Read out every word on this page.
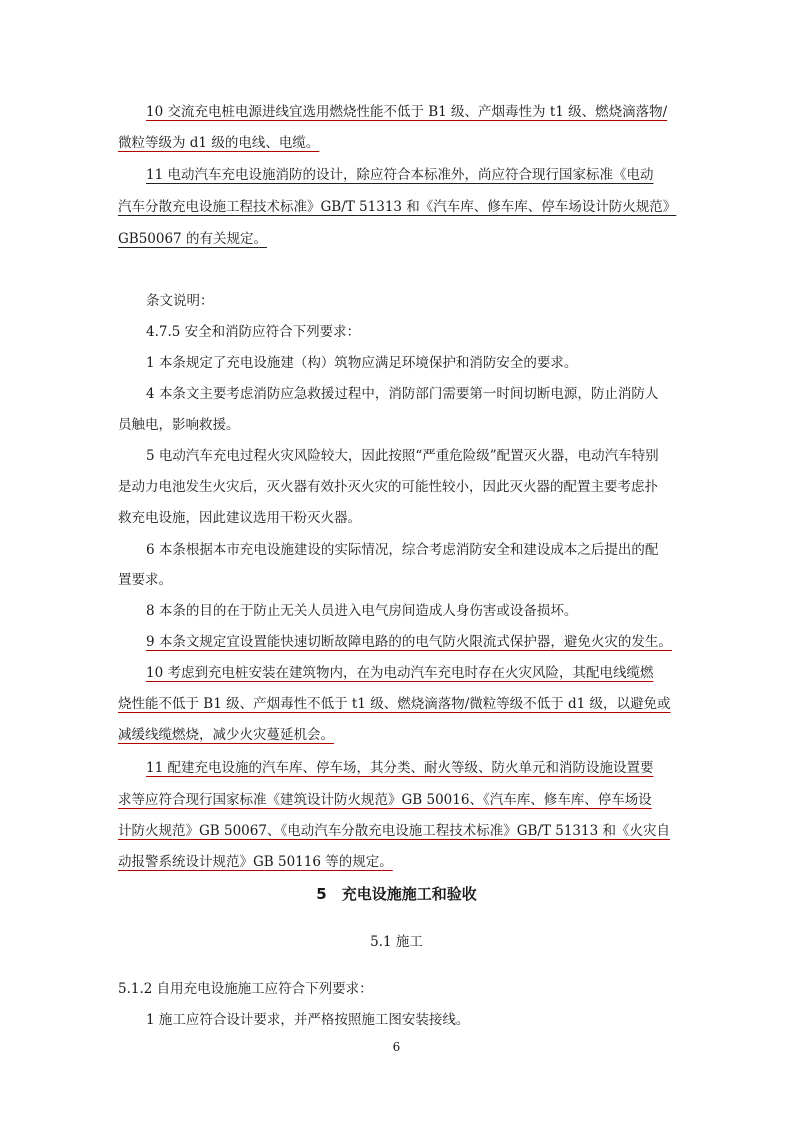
10 交流充电桩电源进线宜选用燃烧性能不低于 B1 级、产烟毒性为 t1 级、燃烧滴落物/
微粒等级为 d1 级的电线、电缆。
11 电动汽车充电设施消防的设计，除应符合本标准外，尚应符合现行国家标准《电动
汽车分散充电设施工程技术标准》GB/T 51313 和《汽车库、修车库、停车场设计防火规范》
GB50067 的有关规定。
条文说明：
4.7.5 安全和消防应符合下列要求：
1 本条规定了充电设施建（构）筑物应满足环境保护和消防安全的要求。
4 本条文主要考虑消防应急救援过程中，消防部门需要第一时间切断电源，防止消防人
员触电，影响救援。
5 电动汽车充电过程火灾风险较大，因此按照“严重危险级”配置灭火器，电动汽车特别
是动力电池发生火灾后，灭火器有效扑灭火灾的可能性较小，因此灭火器的配置主要考虑扑
救充电设施，因此建议选用干粉灭火器。
6 本条根据本市充电设施建设的实际情况，综合考虑消防安全和建设成本之后提出的配
置要求。
8 本条的目的在于防止无关人员进入电气房间造成人身伤害或设备损坏。
9 本条文规定宜设置能快速切断故障电路的的电气防火限流式保护器，避免火灾的发生。
10 考虑到充电桩安装在建筑物内，在为电动汽车充电时存在火灾风险，其配电线缆燃
烧性能不低于 B1 级、产烟毒性不低于 t1 级、燃烧滴落物/微粒等级不低于 d1 级，以避免或
减缓线缆燃烧，减少火灾蔓延机会。
11 配建充电设施的汽车库、停车场，其分类、耐火等级、防火单元和消防设施设置要
求等应符合现行国家标准《建筑设计防火规范》GB 50016、《汽车库、修车库、停车场设
计防火规范》GB 50067、《电动汽车分散充电设施工程技术标准》GB/T 51313 和《火灾自
动报警系统设计规范》GB 50116 等的规定。
5　充电设施施工和验收
5.1 施工
5.1.2 自用充电设施施工应符合下列要求：
1 施工应符合设计要求，并严格按照施工图安装接线。
6
